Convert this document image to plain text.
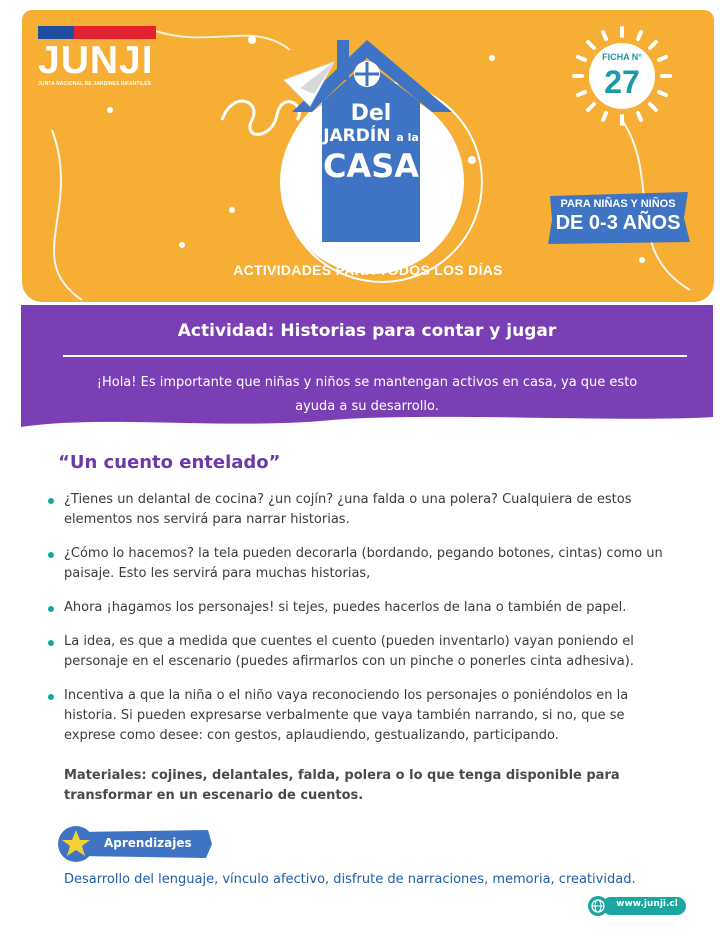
JUNJI
JUNTA NACIONAL DE JARDINES INFANTILES
Del
JARDÍN a la
CASA
ACTIVIDADES PARA TODOS LOS DÍAS
FICHA N°
27
PARA NIÑAS Y NIÑOS
DE 0-3 AÑOS
Actividad: Historias para contar y jugar
¡Hola! Es importante que niñas y niños se mantengan activos en casa, ya que esto ayuda a su desarrollo.
“Un cuento entelado”
¿Tienes un delantal de cocina? ¿un cojín? ¿una falda o una polera? Cualquiera de estos elementos nos servirá para narrar historias.
¿Cómo lo hacemos? la tela pueden decorarla (bordando, pegando botones, cintas) como un paisaje. Esto les servirá para muchas historias,
Ahora ¡hagamos los personajes! si tejes, puedes hacerlos de lana o también de papel.
La idea, es que a medida que cuentes el cuento (pueden inventarlo) vayan poniendo el personaje en el escenario (puedes afirmarlos con un pinche o ponerles cinta adhesiva).
Incentiva a que la niña o el niño vaya reconociendo los personajes o poniéndolos en la historia. Si pueden expresarse verbalmente que vaya también narrando, si no, que se exprese como desee: con gestos, aplaudiendo, gestualizando, participando.
Materiales: cojines, delantales, falda, polera o lo que tenga disponible para transformar en un escenario de cuentos.
Aprendizajes
Desarrollo del lenguaje, vínculo afectivo, disfrute de narraciones, memoria, creatividad.
www.junji.cl
